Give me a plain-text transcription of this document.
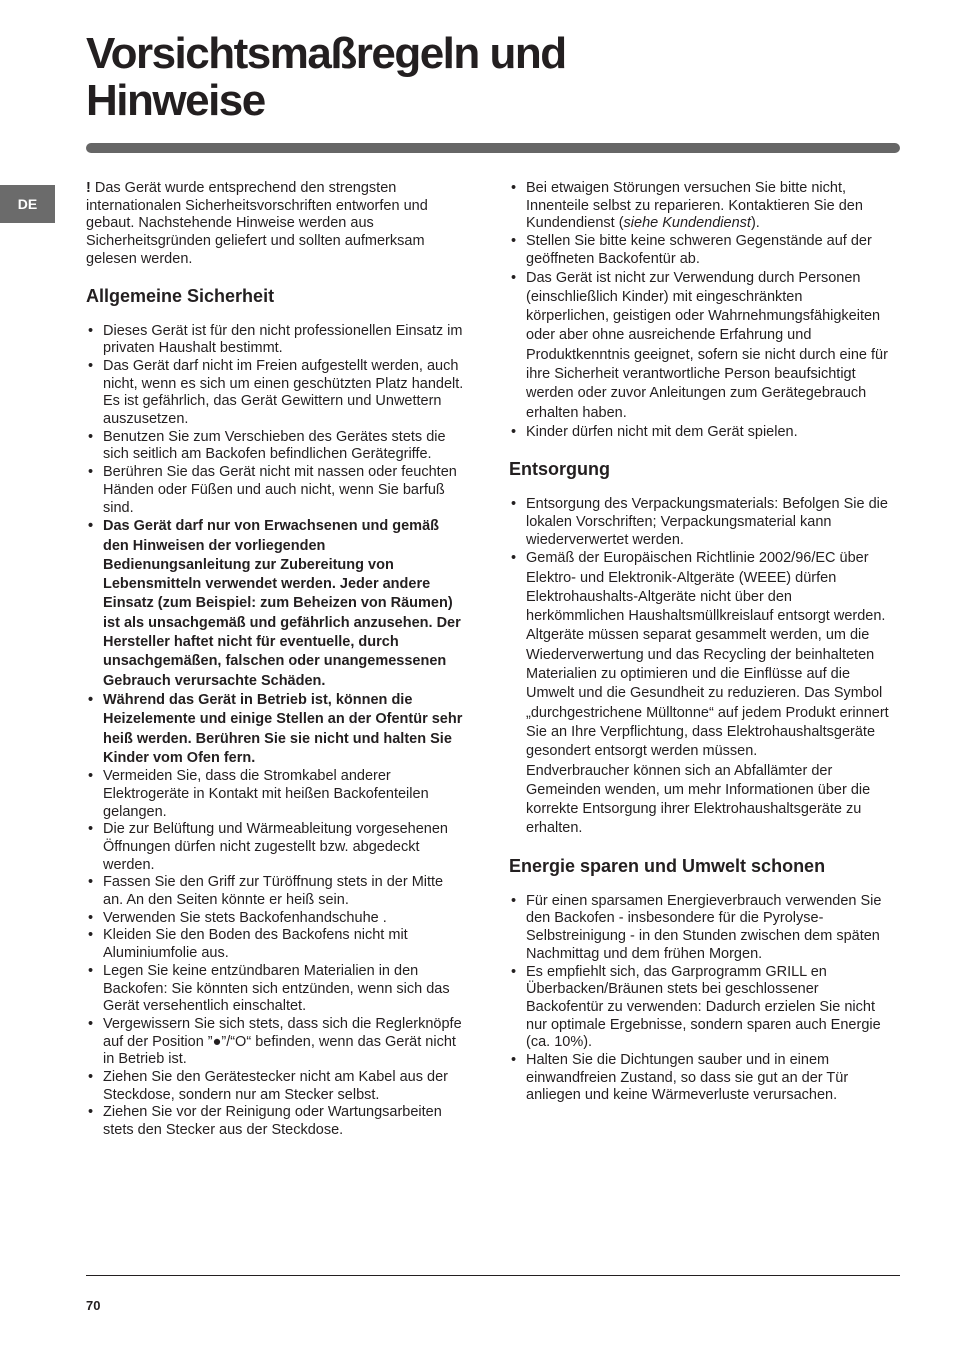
Vorsichtsmaßregeln und
Hinweise
DE

! Das Gerät wurde entsprechend den strengsten internationalen Sicherheitsvorschriften entworfen und gebaut. Nachstehende Hinweise werden aus Sicherheitsgründen geliefert und sollten aufmerksam gelesen werden.

Allgemeine Sicherheit
• Dieses Gerät ist für den nicht professionellen Einsatz im privaten Haushalt bestimmt.
• Das Gerät darf nicht im Freien aufgestellt werden, auch nicht, wenn es sich um einen geschützten Platz handelt. Es ist gefährlich, das Gerät Gewittern und Unwettern auszusetzen.
• Benutzen Sie zum Verschieben des Gerätes stets die sich seitlich am Backofen befindlichen Gerätegriffe.
• Berühren Sie das Gerät nicht mit nassen oder feuchten Händen oder Füßen und auch nicht, wenn Sie barfuß sind.
• Das Gerät darf nur von Erwachsenen und gemäß den Hinweisen der vorliegenden Bedienungsanleitung zur Zubereitung von Lebensmitteln verwendet werden. Jeder andere Einsatz (zum Beispiel: zum Beheizen von Räumen) ist als unsachgemäß und gefährlich anzusehen. Der Hersteller haftet nicht für eventuelle, durch unsachgemäßen, falschen oder unangemessenen Gebrauch verursachte Schäden.
• Während das Gerät in Betrieb ist, können die Heizelemente und einige Stellen an der Ofentür sehr heiß werden. Berühren Sie sie nicht und halten Sie Kinder vom Ofen fern.
• Vermeiden Sie, dass die Stromkabel anderer Elektrogeräte in Kontakt mit heißen Backofenteilen gelangen.
• Die zur Belüftung und Wärmeableitung vorgesehenen Öffnungen dürfen nicht zugestellt bzw. abgedeckt werden.
• Fassen Sie den Griff zur Türöffnung stets in der Mitte an. An den Seiten könnte er heiß sein.
• Verwenden Sie stets Backofenhandschuhe .
• Kleiden Sie den Boden des Backofens nicht mit Aluminiumfolie aus.
• Legen Sie keine entzündbaren Materialien in den Backofen: Sie könnten sich entzünden, wenn sich das Gerät versehentlich einschaltet.
• Vergewissern Sie sich stets, dass sich die Reglerknöpfe auf der Position ”●”/“O“ befinden, wenn das Gerät nicht in Betrieb ist.
• Ziehen Sie den Gerätestecker nicht am Kabel aus der Steckdose, sondern nur am Stecker selbst.
• Ziehen Sie vor der Reinigung oder Wartungsarbeiten stets den Stecker aus der Steckdose.
• Bei etwaigen Störungen versuchen Sie bitte nicht, Innenteile selbst zu reparieren. Kontaktieren Sie den Kundendienst (siehe Kundendienst).
• Stellen Sie bitte keine schweren Gegenstände auf der geöffneten Backofentür ab.
• Das Gerät ist nicht zur Verwendung durch Personen (einschließlich Kinder) mit eingeschränkten körperlichen, geistigen oder Wahrnehmungsfähigkeiten oder aber ohne ausreichende Erfahrung und Produktkenntnis geeignet, sofern sie nicht durch eine für ihre Sicherheit verantwortliche Person beaufsichtigt werden oder zuvor Anleitungen zum Gerätegebrauch erhalten haben.
• Kinder dürfen nicht mit dem Gerät spielen.
Entsorgung
• Entsorgung des Verpackungsmaterials: Befolgen Sie die lokalen Vorschriften; Verpackungsmaterial kann wiederverwertet werden.
• Gemäß der Europäischen Richtlinie 2002/96/EC über Elektro- und Elektronik-Altgeräte (WEEE) dürfen Elektrohaushalts-Altgeräte nicht über den herkömmlichen Haushaltsmüllkreislauf entsorgt werden. Altgeräte müssen separat gesammelt werden, um die Wiederverwertung und das Recycling der beinhalteten Materialien zu optimieren und die Einflüsse auf die Umwelt und die Gesundheit zu reduzieren. Das Symbol „durchgestrichene Mülltonne“ auf jedem Produkt erinnert Sie an Ihre Verpflichtung, dass Elektrohaushaltsgeräte gesondert entsorgt werden müssen.

Endverbraucher können sich an Abfallämter der Gemeinden wenden, um mehr Informationen über die korrekte Entsorgung ihrer Elektrohaushaltsgeräte zu erhalten.

Energie sparen und Umwelt schonen
• Für einen sparsamen Energieverbrauch verwenden Sie den Backofen - insbesondere für die Pyrolyse-Selbstreinigung - in den Stunden zwischen dem späten Nachmittag und dem frühen Morgen.
• Es empfiehlt sich, das Garprogramm GRILL en Überbacken/Bräunen stets bei geschlossener Backofentür zu verwenden: Dadurch erzielen Sie nicht nur optimale Ergebnisse, sondern sparen auch Energie (ca. 10%).
• Halten Sie die Dichtungen sauber und in einem einwandfreien Zustand, so dass sie gut an der Tür anliegen und keine Wärmeverluste verursachen.
70
